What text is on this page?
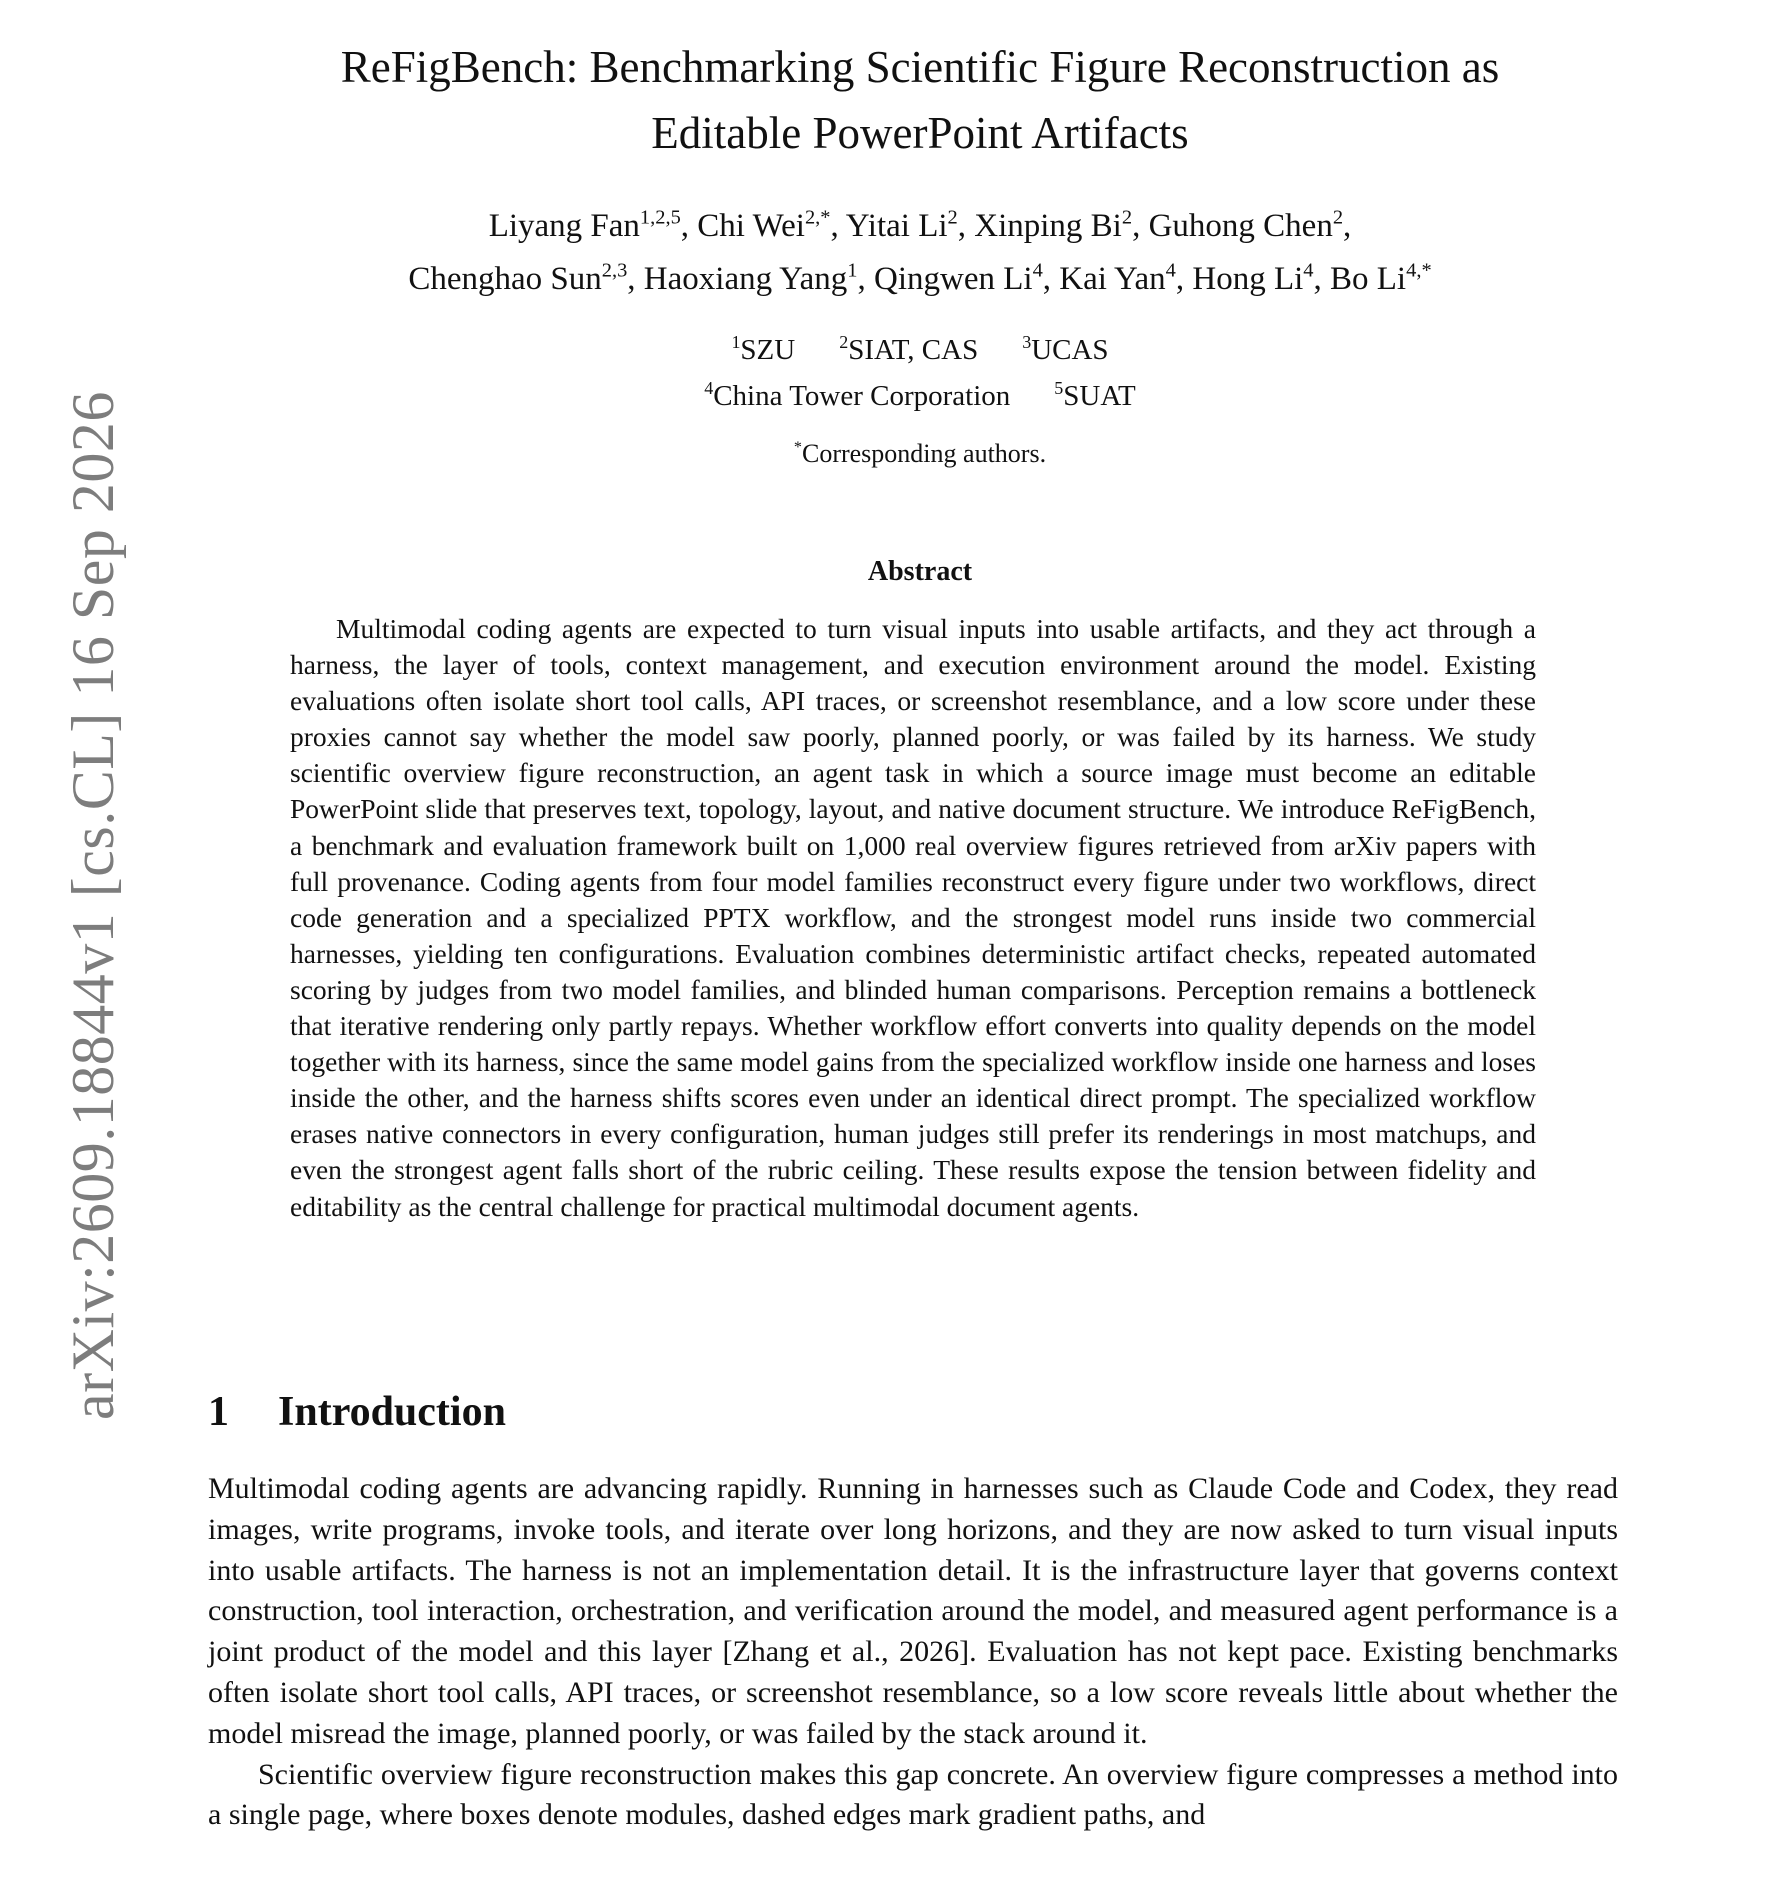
arXiv:2609.18844v1 [cs.CL] 16 Sep 2026
ReFigBench: Benchmarking Scientific Figure Reconstruction as
Editable PowerPoint Artifacts
Liyang Fan$^{1,2,5}$, Chi Wei$^{2,*}$, Yitai Li$^2$, Xinping Bi$^2$, Guhong Chen$^2$,
Chenghao Sun$^{2,3}$, Haoxiang Yang$^1$, Qingwen Li$^4$, Kai Yan$^4$, Hong Li$^4$, Bo $Li^{4,*}$
$^1$SZU $^2$SIAT, CAS $^3$UCAS
$^4$China Tower Corporation $^5$SUAT
*Corresponding authors.
Abstract

Multimodal coding agents are expected to turn visual inputs into usable artifacts, and they act through a harness, the layer of tools, context management, and execution environment around the model. Existing evaluations often isolate short tool calls, API traces, or screenshot resemblance, and a low score under these proxies cannot say whether the model saw poorly, planned poorly, or was failed by its harness. We study scientific overview figure reconstruction, an agent task in which a source image must become an editable PowerPoint slide that preserves text, topology, layout, and native document structure. We introduce ReFigBench, a benchmark and evaluation framework built on 1,000 real overview figures retrieved from arXiv papers with full provenance. Coding agents from four model families reconstruct every figure under two workflows, direct code generation and a specialized PPTX workflow, and the strongest model runs inside two commercial harnesses, yielding ten configurations. Evaluation combines deterministic artifact checks, repeated automated scoring by judges from two model families, and blinded human comparisons. Perception remains a bottleneck that iterative rendering only partly repays. Whether workflow effort converts into quality depends on the model together with its harness, since the same model gains from the specialized workflow inside one harness and loses inside the other, and the harness shifts scores even under an identical direct prompt. The specialized workflow erases native connectors in every configuration, human judges still prefer its renderings in most matchups, and even the strongest agent falls short of the rubric ceiling. These results expose the tension between fidelity and editability as the central challenge for practical multimodal document agents.

1 Introduction

Multimodal coding agents are advancing rapidly. Running in harnesses such as Claude Code and Codex, they read images, write programs, invoke tools, and iterate over long horizons, and they are now asked to turn visual inputs into usable artifacts. The harness is not an implementation detail. It is the infrastructure layer that governs context construction, tool interaction, orchestration, and verification around the model, and measured agent performance is a joint product of the model and this layer [Zhang et al., 2026]. Evaluation has not kept pace. Existing benchmarks often isolate short tool calls, API traces, or screenshot resemblance, so a low score reveals little about whether the model misread the image, planned poorly, or was failed by the stack around it.

Scientific overview figure reconstruction makes this gap concrete. An overview figure compresses a method into a single page, where boxes denote modules, dashed edges mark gradient paths, and
